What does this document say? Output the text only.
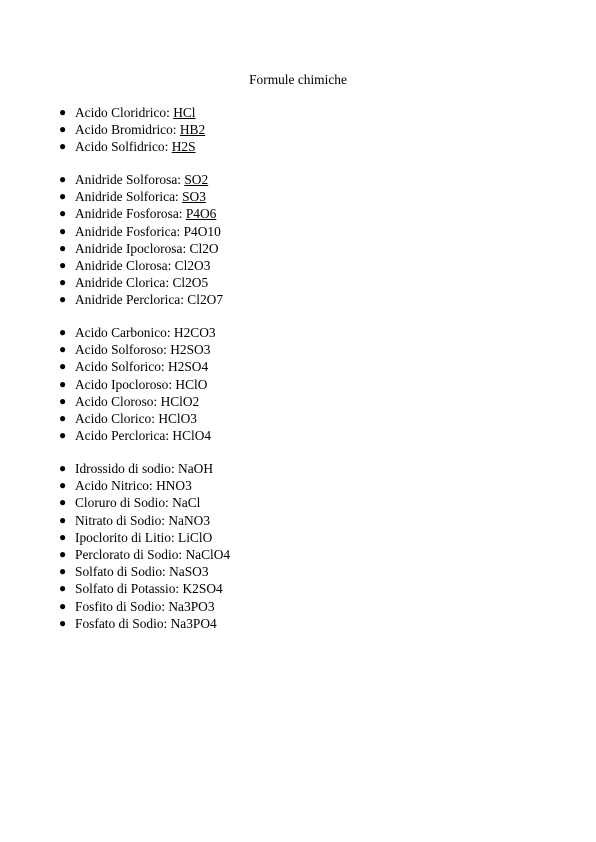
Formule chimiche
● Acido Cloridrico: HCl
● Acido Bromidrico: HB2
● Acido Solfidrico: H2S
● Anidride Solforosa: SO2
● Anidride Solforica: SO3
● Anidride Fosforosa: P4O6
● Anidride Fosforica: P4O10
● Anidride Ipoclorosa: Cl2O
● Anidride Clorosa: Cl2O3
● Anidride Clorica: Cl2O5
● Anidride Perclorica: Cl2O7
● Acido Carbonico: H2CO3
● Acido Solforoso: H2SO3
● Acido Solforico: H2SO4
● Acido Ipocloroso: HClO
● Acido Cloroso: HClO2
● Acido Clorico: HClO3
● Acido Perclorica: HClO4
● Idrossido di sodio: NaOH
● Acido Nitrico: HNO3
● Cloruro di Sodio: NaCl
● Nitrato di Sodio: NaNO3
● Ipoclorito di Litio: LiClO
● Perclorato di Sodio: NaClO4
● Solfato di Sodio: NaSO3
● Solfato di Potassio: K2SO4
● Fosfito di Sodio: Na3PO3
● Fosfato di Sodio: Na3PO4
